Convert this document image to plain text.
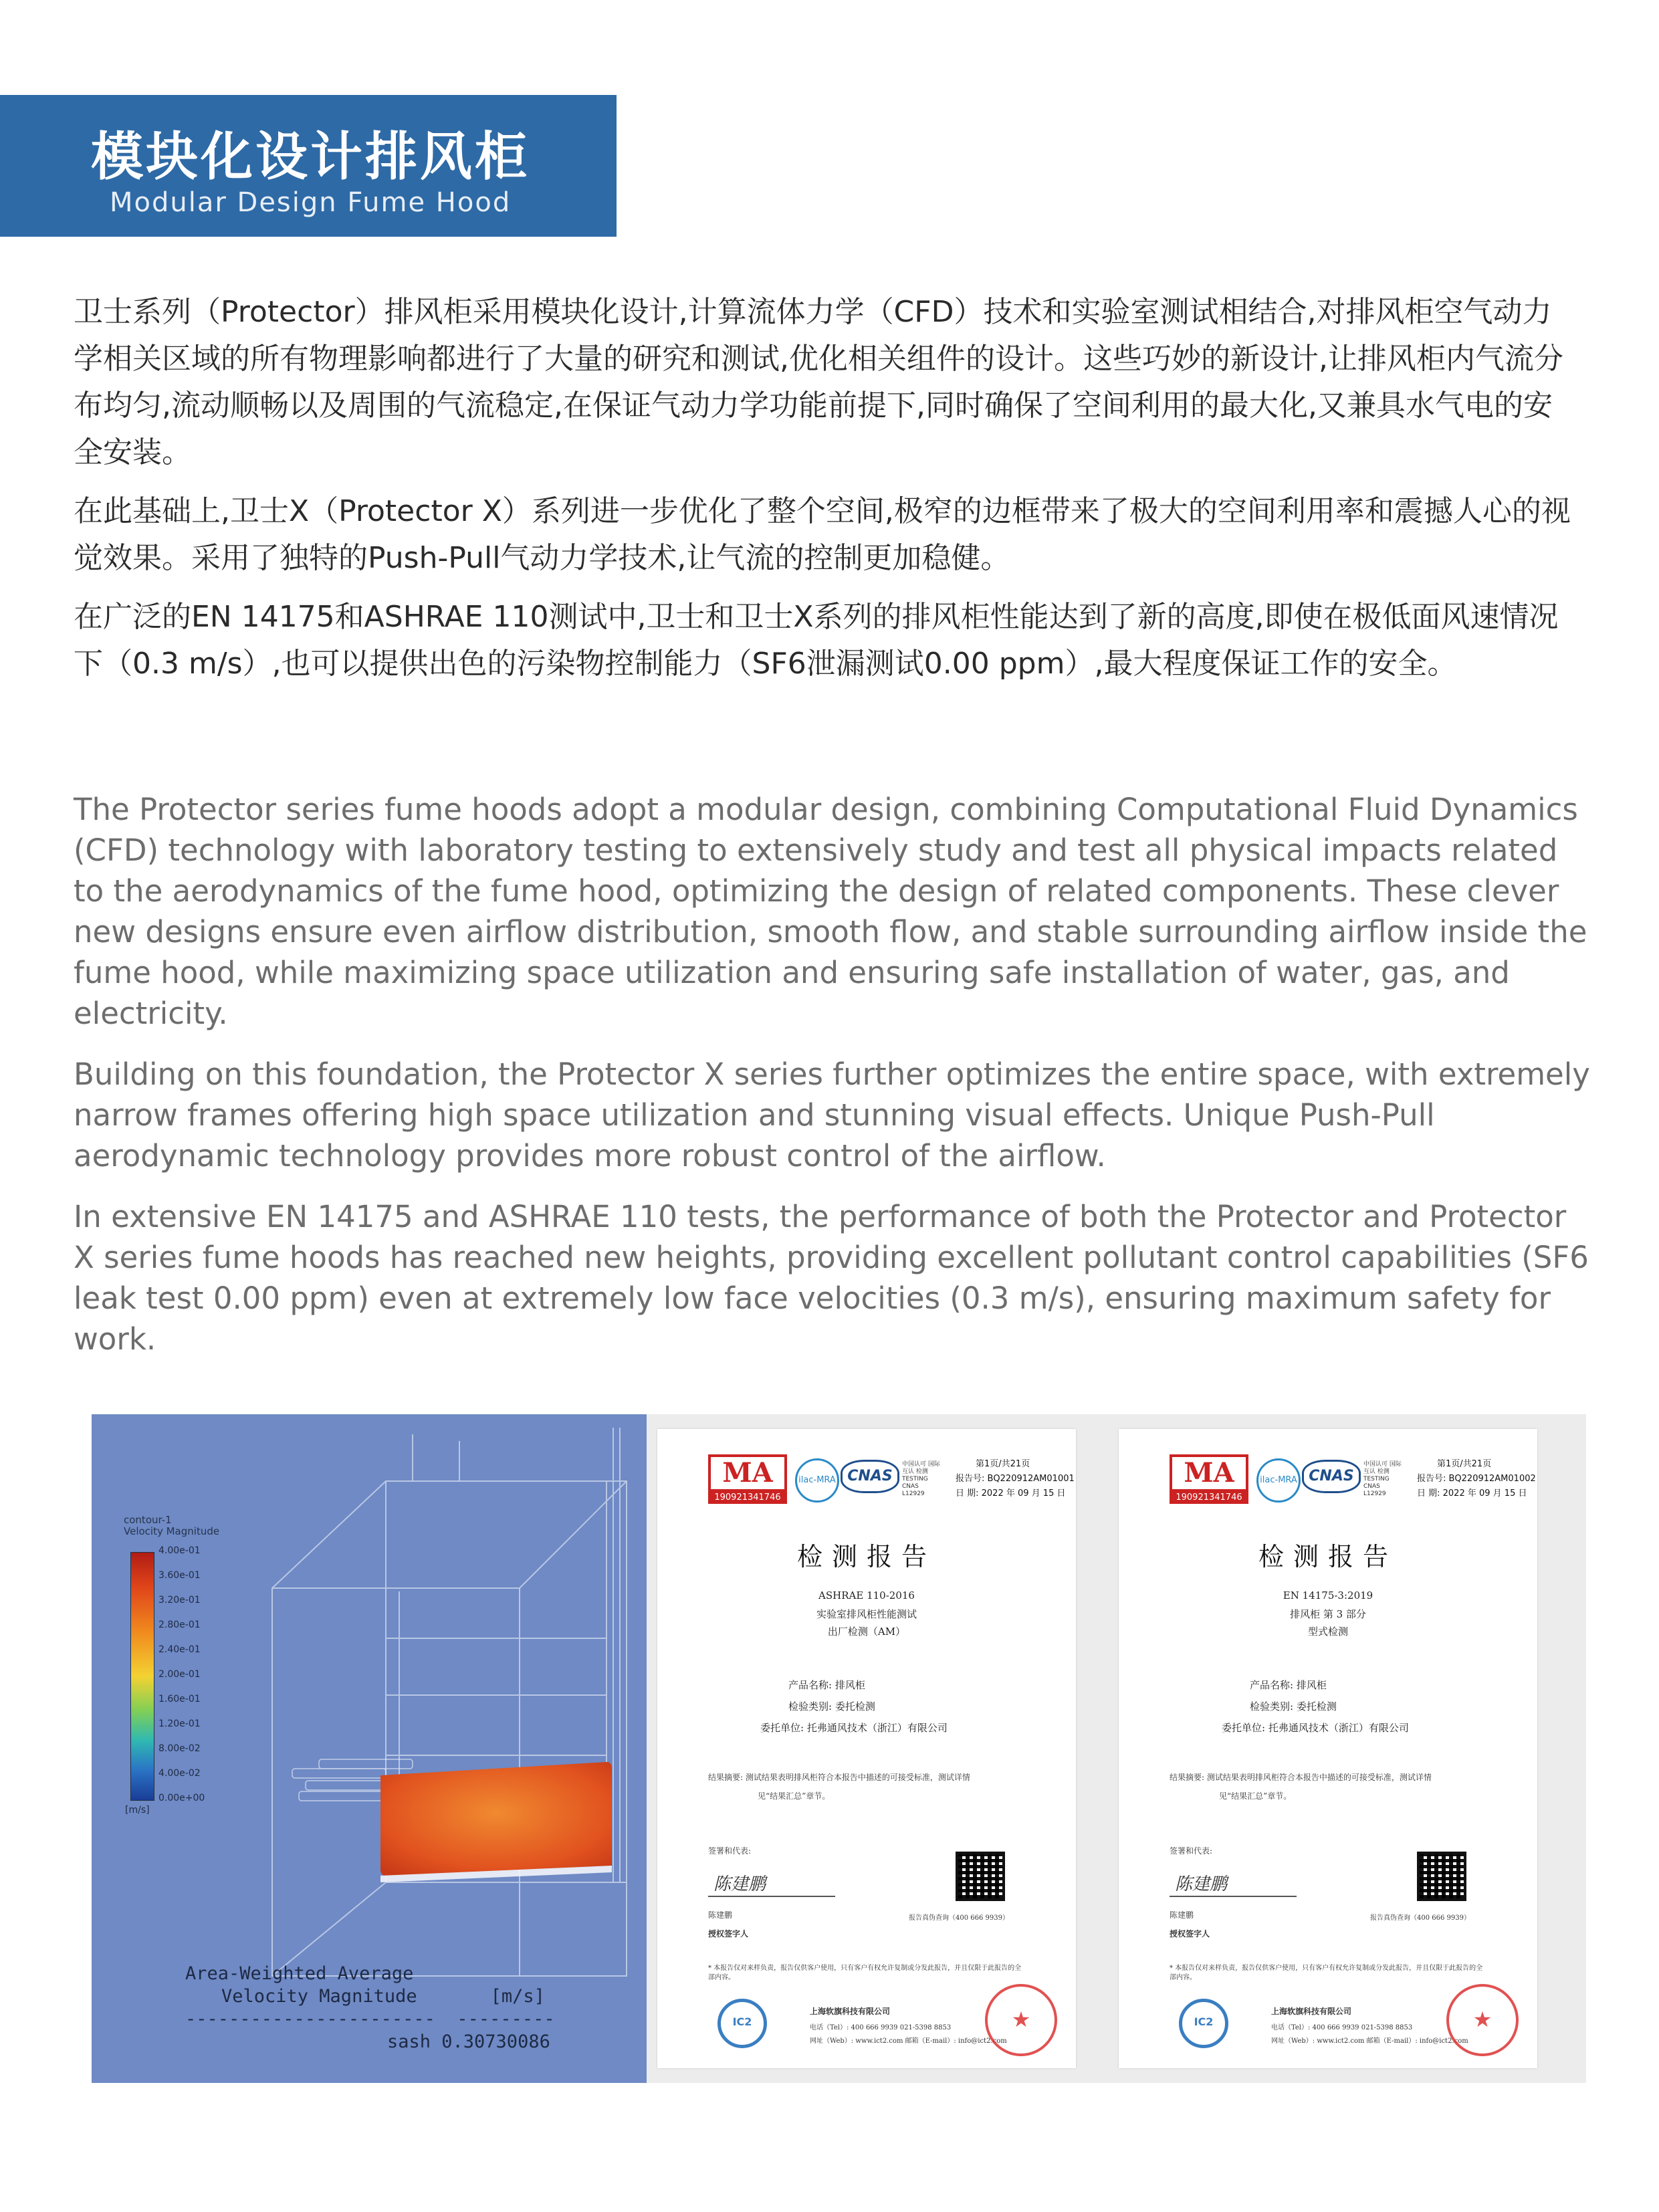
模块化设计排风柜
Modular Design Fume Hood

卫士系列（Protector）排风柜采用模块化设计,计算流体力学（CFD）技术和实验室测试相结合,对排风柜空气动力学相关区域的所有物理影响都进行了大量的研究和测试,优化相关组件的设计。这些巧妙的新设计,让排风柜内气流分布均匀,流动顺畅以及周围的气流稳定,在保证气动力学功能前提下,同时确保了空间利用的最大化,又兼具水气电的安全安装。

在此基础上,卫士X（Protector X）系列进一步优化了整个空间,极窄的边框带来了极大的空间利用率和震撼人心的视觉效果。采用了独特的Push-Pull气动力学技术,让气流的控制更加稳健。

在广泛的EN 14175和ASHRAE 110测试中,卫士和卫士X系列的排风柜性能达到了新的高度,即使在极低面风速情况下（0.3 m/s）,也可以提供出色的污染物控制能力（SF6泄漏测试0.00 ppm）,最大程度保证工作的安全。

The Protector series fume hoods adopt a modular design, combining Computational Fluid Dynamics (CFD) technology with laboratory testing to extensively study and test all physical impacts related to the aerodynamics of the fume hood, optimizing the design of related components. These clever new designs ensure even airflow distribution, smooth flow, and stable surrounding airflow inside the fume hood, while maximizing space utilization and ensuring safe installation of water, gas, and electricity.

Building on this foundation, the Protector X series further optimizes the entire space, with extremely narrow frames offering high space utilization and stunning visual effects. Unique Push-Pull aerodynamic technology provides more robust control of the airflow.

In extensive EN 14175 and ASHRAE 110 tests, the performance of both the Protector and Protector X series fume hoods has reached new heights, providing excellent pollutant control capabilities (SF6 leak test 0.00 ppm) even at extremely low face velocities (0.3 m/s), ensuring maximum safety for work.

contour-1
Velocity Magnitude
4.00e-01
3.60e-01
3.20e-01
2.80e-01
2.40e-01
2.00e-01
1.60e-01
1.20e-01
8.00e-02
4.00e-02
0.00e+00
[m/s]
Area-Weighted Average
Velocity Magnitude	[m/s]
-----------------------  ---------
sash 0.30730086
MA
190921341746
ilac-MRA CNAS
中国认可 国际互认 检测 TESTING CNAS L12929
第1页/共21页
报告号: BQ220912AM01001
日 期: 2022 年 09 月 15 日
检测报告
ASHRAE 110-2016
实验室排风柜性能测试
出厂检测（AM）
产品名称: 排风柜
检验类别: 委托检测
委托单位: 托弗通风技术（浙江）有限公司
结果摘要: 测试结果表明排风柜符合本报告中描述的可接受标准，测试详情
见“结果汇总”章节。
签署和代表:
陈建鹏
陈建鹏
授权签字人
报告真伪查询（400 666 9939）
* 本报告仅对来样负责，报告仅供客户使用，只有客户有权允许复制或分发此报告，并且仅限于此报告的全部内容。
IC2
上海软旗科技有限公司
电话（Tel）: 400 666 9939 021-5398 8853
网址（Web）: www.ict2.com 邮箱（E-mail）: info@ict2.com
★
MA
190921341746
ilac-MRA CNAS
中国认可 国际互认 检测 TESTING CNAS L12929
第1页/共21页
报告号: BQ220912AM01002
日 期: 2022 年 09 月 15 日
检测报告
EN 14175-3:2019
排风柜 第 3 部分
型式检测
产品名称: 排风柜
检验类别: 委托检测
委托单位: 托弗通风技术（浙江）有限公司
结果摘要: 测试结果表明排风柜符合本报告中描述的可接受标准，测试详情
见“结果汇总”章节。
签署和代表:
陈建鹏
陈建鹏
授权签字人
报告真伪查询（400 666 9939）
* 本报告仅对来样负责，报告仅供客户使用，只有客户有权允许复制或分发此报告，并且仅限于此报告的全部内容。
IC2
上海软旗科技有限公司
电话（Tel）: 400 666 9939 021-5398 8853
网址（Web）: www.ict2.com 邮箱（E-mail）: info@ict2.com
★
